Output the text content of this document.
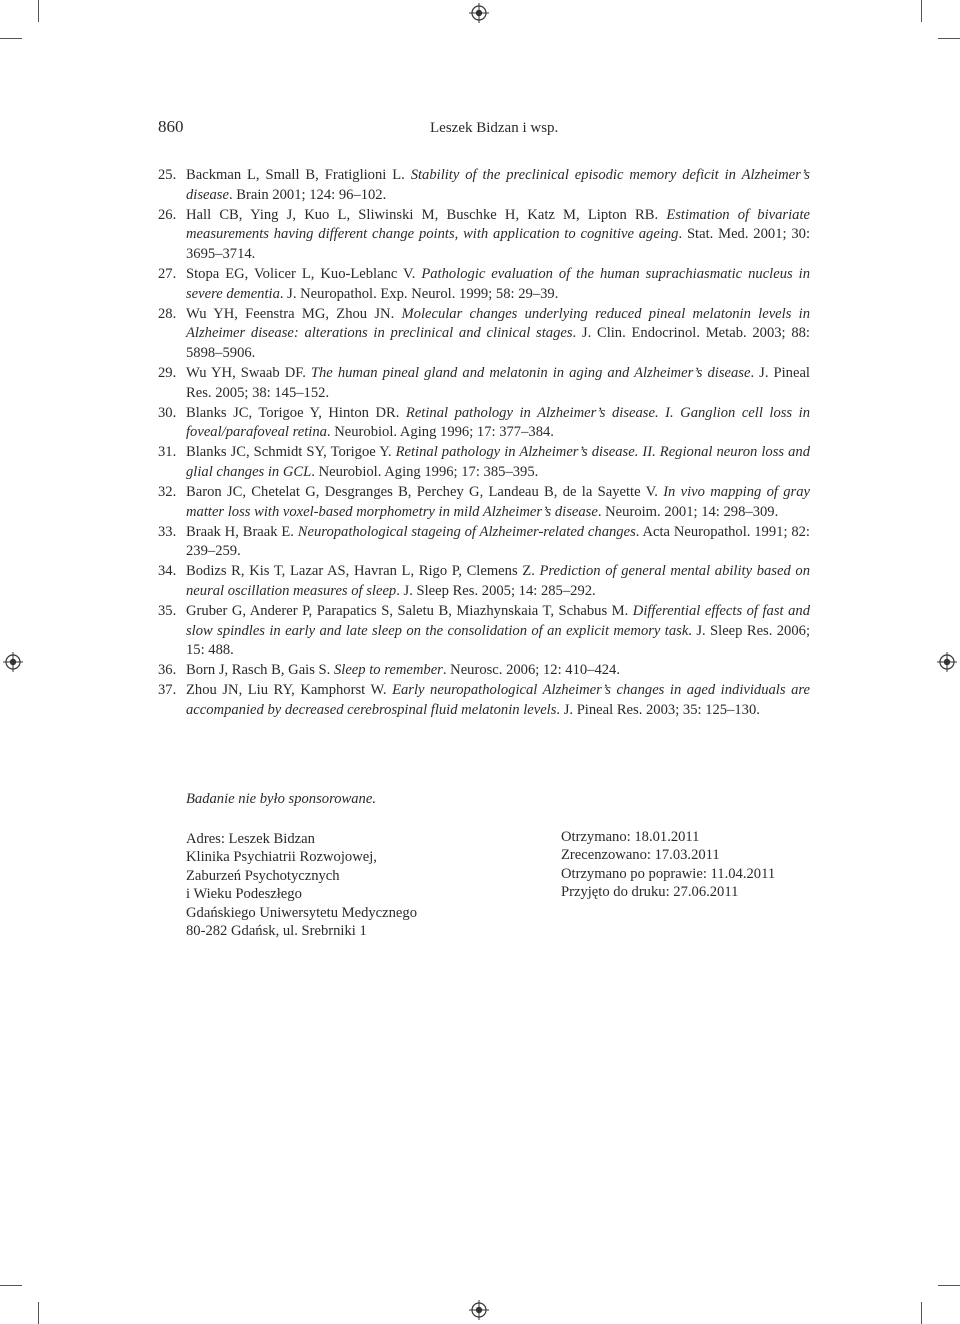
860	Leszek Bidzan i wsp.
25. Backman L, Small B, Fratiglioni L. Stability of the preclinical episodic memory deficit in Alzheimer’s disease. Brain 2001; 124: 96–102.
26. Hall CB, Ying J, Kuo L, Sliwinski M, Buschke H, Katz M, Lipton RB. Estimation of bivariate measurements having different change points, with application to cognitive ageing. Stat. Med. 2001; 30: 3695–3714.
27. Stopa EG, Volicer L, Kuo-Leblanc V. Pathologic evaluation of the human suprachiasmatic nucleus in severe dementia. J. Neuropathol. Exp. Neurol. 1999; 58: 29–39.
28. Wu YH, Feenstra MG, Zhou JN. Molecular changes underlying reduced pineal melatonin levels in Alzheimer disease: alterations in preclinical and clinical stages. J. Clin. Endocrinol. Metab. 2003; 88: 5898–5906.
29. Wu YH, Swaab DF. The human pineal gland and melatonin in aging and Alzheimer’s disease. J. Pineal Res. 2005; 38: 145–152.
30. Blanks JC, Torigoe Y, Hinton DR. Retinal pathology in Alzheimer’s disease. I. Ganglion cell loss in foveal/parafoveal retina. Neurobiol. Aging 1996; 17: 377–384.
31. Blanks JC, Schmidt SY, Torigoe Y. Retinal pathology in Alzheimer’s disease. II. Regional neuron loss and glial changes in GCL. Neurobiol. Aging 1996; 17: 385–395.
32. Baron JC, Chetelat G, Desgranges B, Perchey G, Landeau B, de la Sayette V. In vivo mapping of gray matter loss with voxel-based morphometry in mild Alzheimer’s disease. Neuroim. 2001; 14: 298–309.
33. Braak H, Braak E. Neuropathological stageing of Alzheimer-related changes. Acta Neuropathol. 1991; 82: 239–259.
34. Bodizs R, Kis T, Lazar AS, Havran L, Rigo P, Clemens Z. Prediction of general mental ability based on neural oscillation measures of sleep. J. Sleep Res. 2005; 14: 285–292.
35. Gruber G, Anderer P, Parapatics S, Saletu B, Miazhynskaia T, Schabus M. Differential effects of fast and slow spindles in early and late sleep on the consolidation of an explicit memory task. J. Sleep Res. 2006; 15: 488.
36. Born J, Rasch B, Gais S. Sleep to remember. Neurosc. 2006; 12: 410–424.
37. Zhou JN, Liu RY, Kamphorst W. Early neuropathological Alzheimer’s changes in aged individuals are accompanied by decreased cerebrospinal fluid melatonin levels. J. Pineal Res. 2003; 35: 125–130.
Badanie nie było sponsorowane.
Adres: Leszek Bidzan
Klinika Psychiatrii Rozwojowej,
Zaburzeń Psychotycznych
i Wieku Podeszłego
Gdańskiego Uniwersytetu Medycznego
80-282 Gdańsk, ul. Srebrniki 1
Otrzymano: 18.01.2011
Zrecenzowano: 17.03.2011
Otrzymano po poprawie: 11.04.2011
Przyjęto do druku: 27.06.2011
